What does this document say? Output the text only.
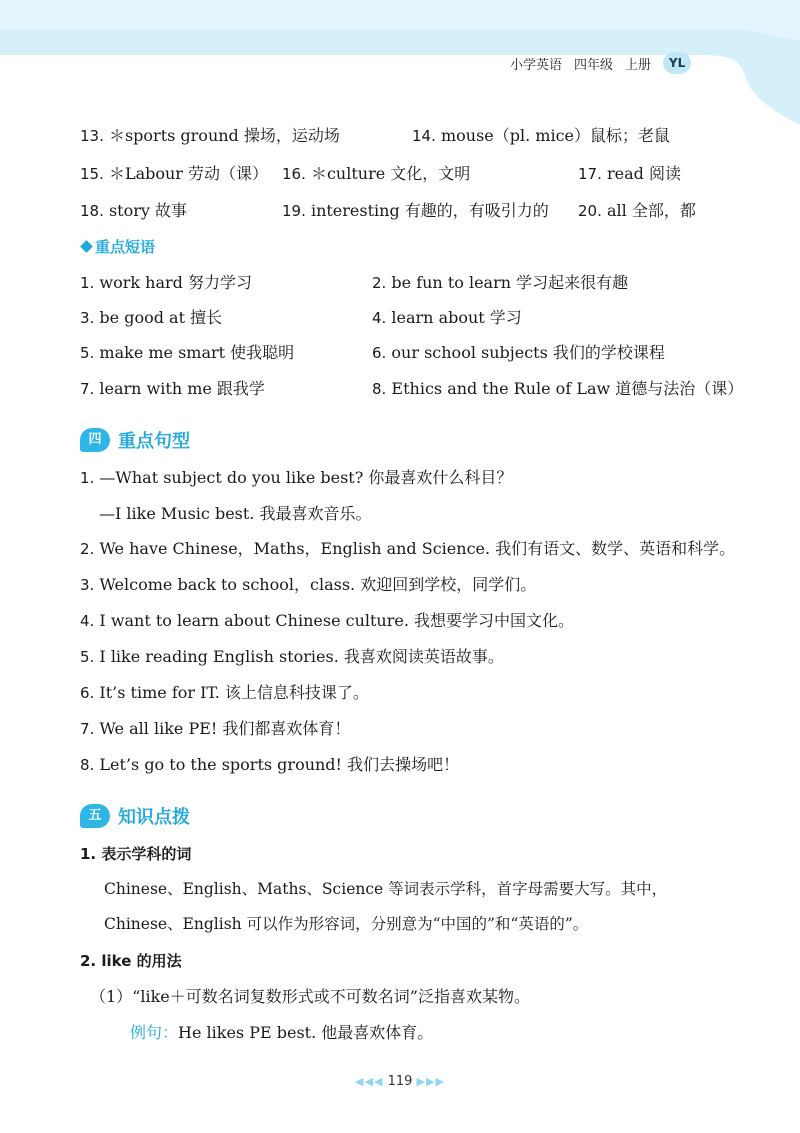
小学英语 四年级 上册	YL
13. ＊sports ground 操场，运动场	14. mouse（pl. mice）鼠标；老鼠
15. ＊Labour 劳动（课） 16. ＊culture 文化，文明	17. read 阅读
18. story 故事	19. interesting 有趣的，有吸引力的 20. all 全部，都
重点短语
1. work hard 努力学习	2. be fun to learn 学习起来很有趣
3. be good at 擅长	4. learn about 学习
5. make me smart 使我聪明	6. our school subjects 我们的学校课程
7. learn with me 跟我学	8. Ethics and the Rule of Law 道德与法治（课）
四 重点句型
1. —What subject do you like best? 你最喜欢什么科目？
—I like Music best. 我最喜欢音乐。
2. We have Chinese，Maths，English and Science. 我们有语文、数学、英语和科学。
3. Welcome back to school，class. 欢迎回到学校，同学们。
4. I want to learn about Chinese culture. 我想要学习中国文化。
5. I like reading English stories. 我喜欢阅读英语故事。
6. It’s time for IT. 该上信息科技课了。
7. We all like PE! 我们都喜欢体育！
8. Let’s go to the sports ground! 我们去操场吧！
五 知识点拨
1. 表示学科的词
Chinese、English、Maths、Science 等词表示学科，首字母需要大写。其中，
Chinese、English 可以作为形容词，分别意为“中国的”和“英语的”。
2. like 的用法
（1）“like＋可数名词复数形式或不可数名词”泛指喜欢某物。
例句：He likes PE best. 他最喜欢体育。
◀◀◀ 119 ▶▶▶
